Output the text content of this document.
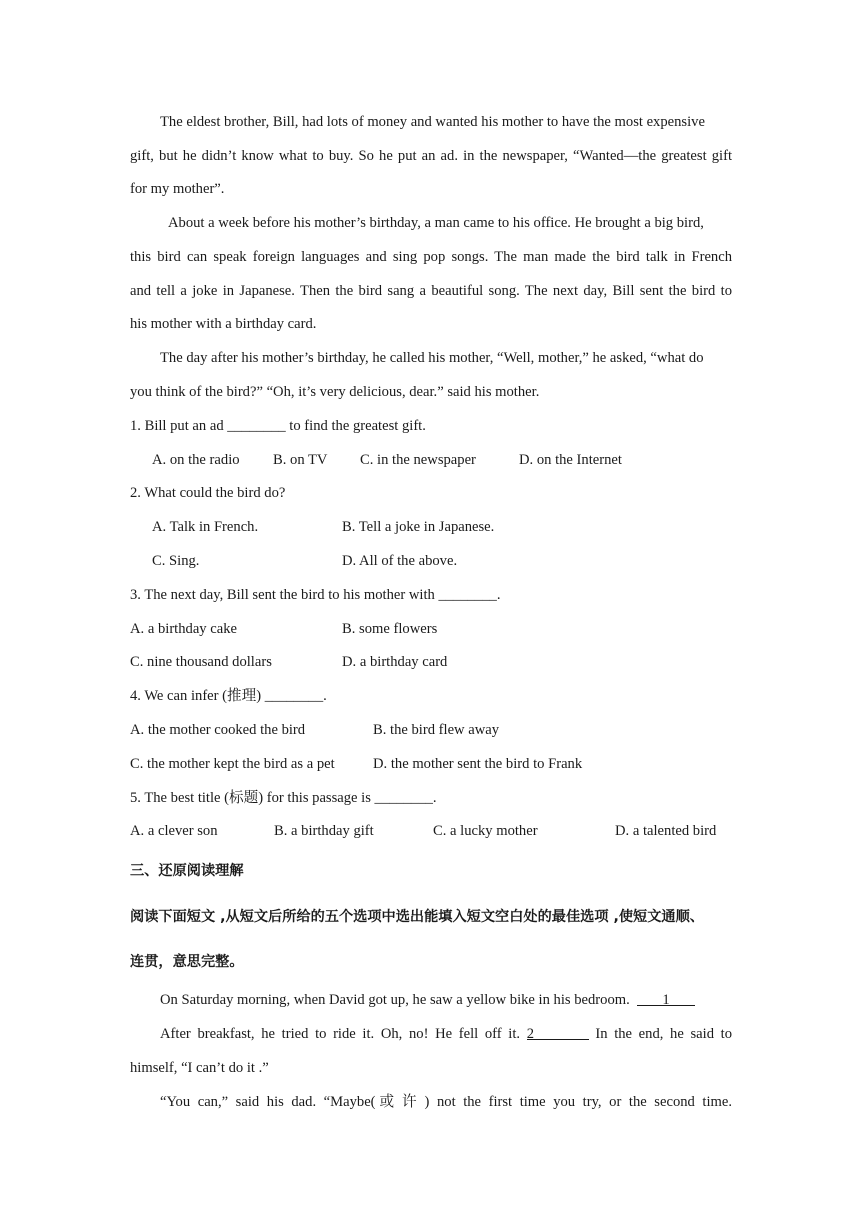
The eldest brother, Bill, had lots of money and wanted his mother to have the most expensive
gift, but he didn’t know what to buy. So he put an ad. in the newspaper, “Wanted—the greatest gift
for my mother”.
About a week before his mother’s birthday, a man came to his office. He brought a big bird,
this bird can speak foreign languages and sing pop songs. The man made the bird talk in French
and tell a joke in Japanese. Then the bird sang a beautiful song. The next day, Bill sent the bird to
his mother with a birthday card.
The day after his mother’s birthday, he called his mother, “Well, mother,” he asked, “what do
you think of the bird?” “Oh, it’s very delicious, dear.” said his mother.
1. Bill put an ad ________ to find the greatest gift.
A. on the radio B. on TV C. in the newspaper	D. on the Internet
2. What could the bird do?
A. Talk in French.	B. Tell a joke in Japanese.
C. Sing.	D. All of the above.
3. The next day, Bill sent the bird to his mother with ________.
A. a birthday cake	B. some flowers
C. nine thousand dollars	D. a birthday card
4. We can infer (推理) ________.
A. the mother cooked the bird	B. the bird flew away
C. the mother kept the bird as a pet	D. the mother sent the bird to Frank
5. The best title (标题) for this passage is ________.
A. a clever son	B. a birthday gift	C. a lucky mother	D. a talented bird
三、还原阅读理解
阅读下面短文 ,从短文后所给的五个选项中选出能填入短文空白处的最佳选项 ,使短文通顺、
连贯，意思完整。
On Saturday morning, when David got up, he saw a yellow bike in his bedroom. 1
After breakfast, he tried to ride it. Oh, no! He fell off it. 2	In the end, he said to
himself, “I can’t do it .”
“You can,” said his dad. “Maybe(或许) not the first time you try, or the second time.
